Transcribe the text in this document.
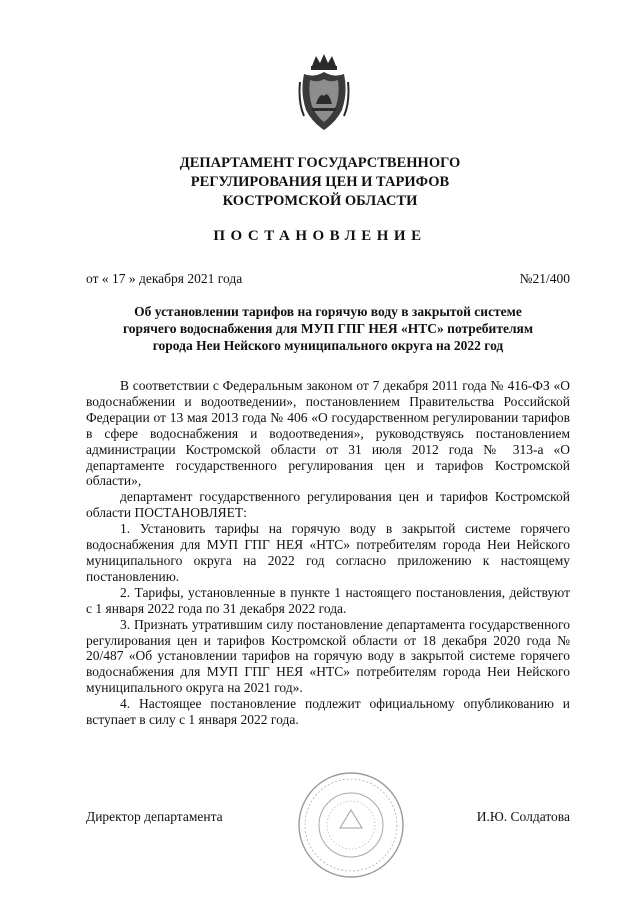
ДЕПАРТАМЕНТ ГОСУДАРСТВЕННОГО
РЕГУЛИРОВАНИЯ ЦЕН И ТАРИФОВ
КОСТРОМСКОЙ ОБЛАСТИ
ПОСТАНОВЛЕНИЕ
от « 17 » декабря 2021 года	№21/400
Об установлении тарифов на горячую воду в закрытой системе
горячего водоснабжения для МУП ГПГ НЕЯ «НТС» потребителям
города Неи Нейского муниципального округа на 2022 год

В соответствии с Федеральным законом от 7 декабря 2011 года № 416-ФЗ «О водоснабжении и водоотведении», постановлением Правительства Российской Федерации от 13 мая 2013 года № 406 «О государственном регулировании тарифов в сфере водоснабжения и водоотведения», руководствуясь постановлением администрации Костромской области от 31 июля 2012 года № 313-а «О департаменте государственного регулирования цен и тарифов Костромской области»,

департамент государственного регулирования цен и тарифов Костромской области ПОСТАНОВЛЯЕТ:

1. Установить тарифы на горячую воду в закрытой системе горячего водоснабжения для МУП ГПГ НЕЯ «НТС» потребителям города Неи Нейского муниципального округа на 2022 год согласно приложению к настоящему постановлению.

2. Тарифы, установленные в пункте 1 настоящего постановления, действуют с 1 января 2022 года по 31 декабря 2022 года.

3. Признать утратившим силу постановление департамента государственного регулирования цен и тарифов Костромской области от 18 декабря 2020 года № 20/487 «Об установлении тарифов на горячую воду в закрытой системе горячего водоснабжения для МУП ГПГ НЕЯ «НТС» потребителям города Неи Нейского муниципального округа на 2021 год».

4. Настоящее постановление подлежит официальному опубликованию и вступает в силу с 1 января 2022 года.

Директор департамента	И.Ю. Солдатова
